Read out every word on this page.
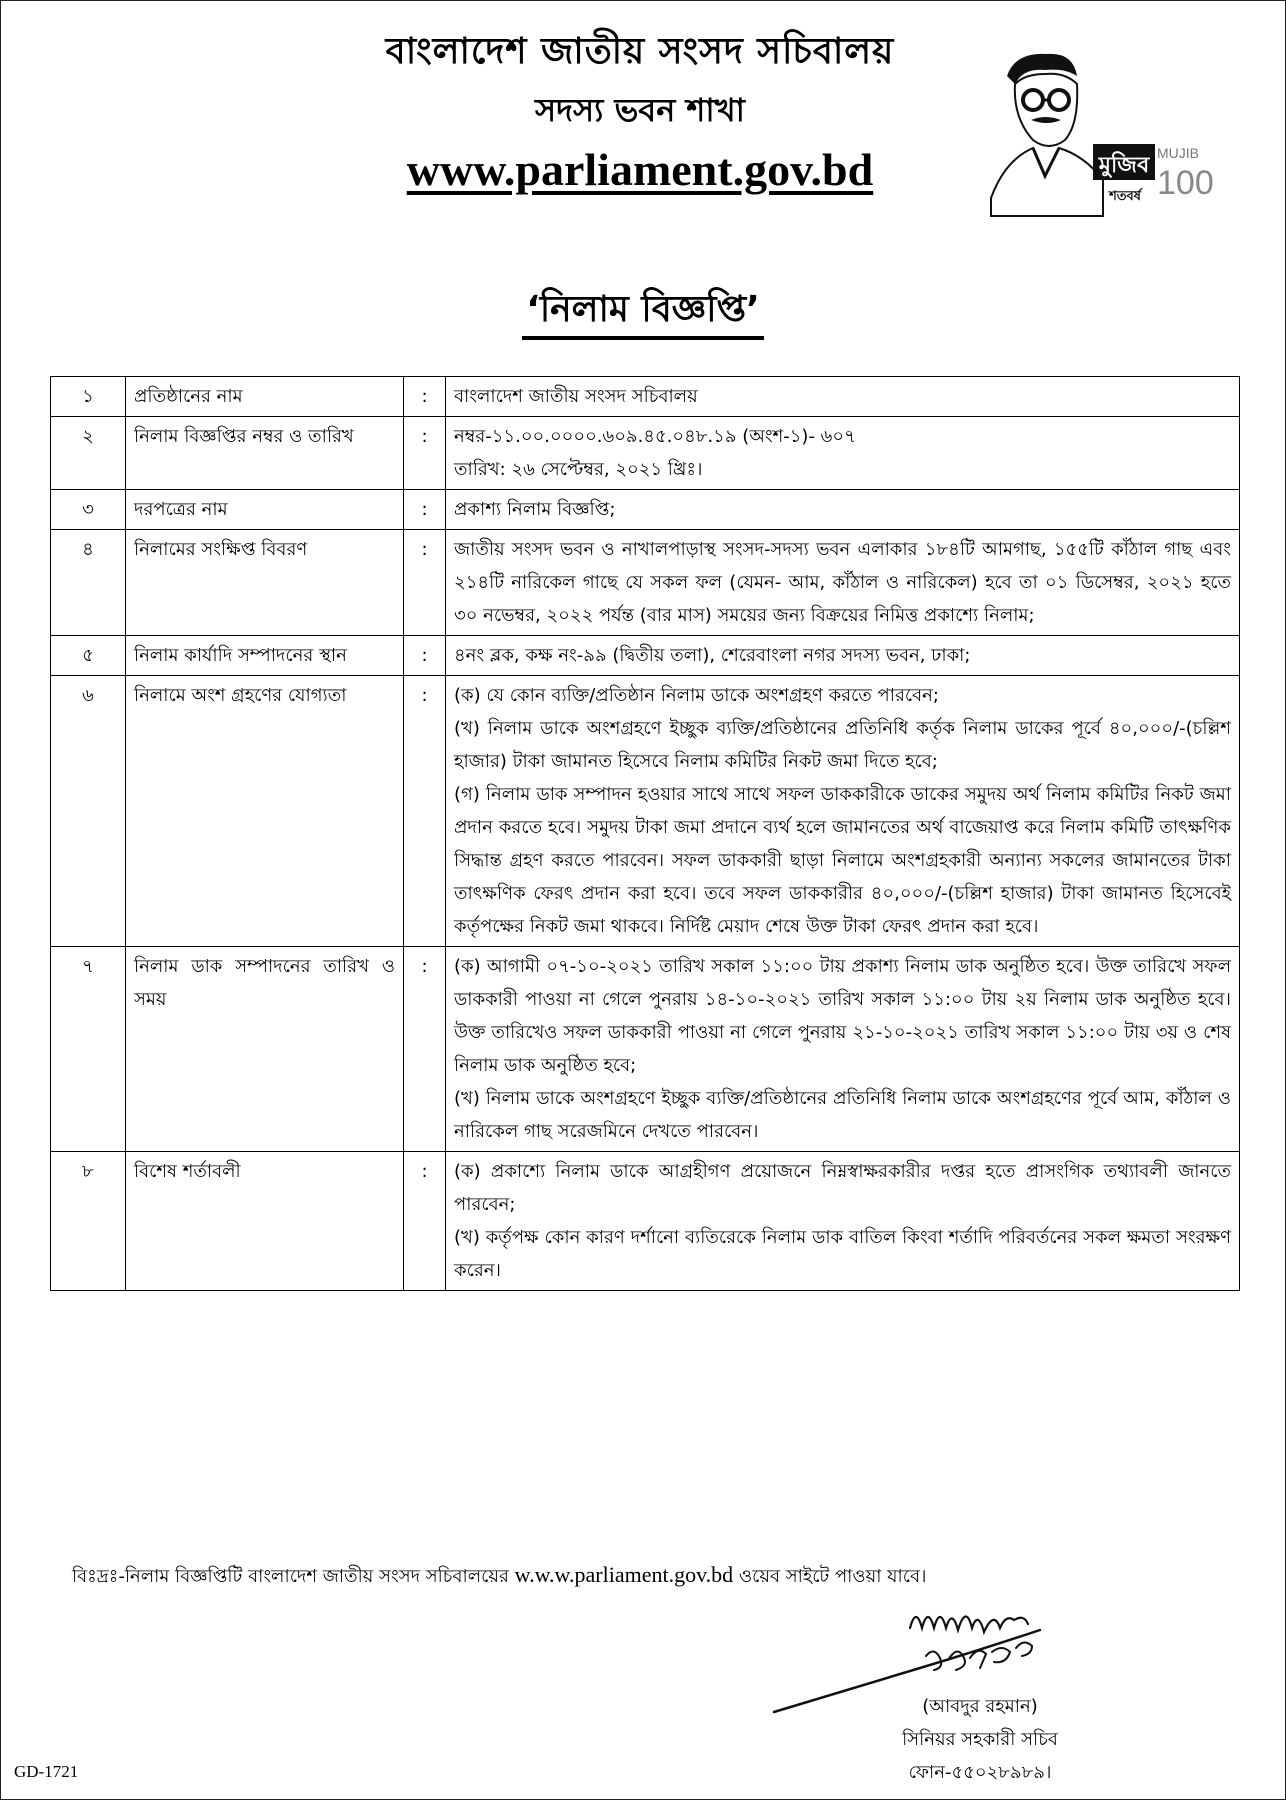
বাংলাদেশ জাতীয় সংসদ সচিবালয়
সদস্য ভবন শাখা
www.parliament.gov.bd	মুজিব
শতবর্ষ
MUJIB
100
‘নিলাম বিজ্ঞপ্তি’
১	প্রতিষ্ঠানের নাম	:	বাংলাদেশ জাতীয় সংসদ সচিবালয়

২	নিলাম বিজ্ঞপ্তির নম্বর ও তারিখ	:	নম্বর-১১.০০.০০০০.৬০৯.৪৫.০৪৮.১৯ (অংশ-১)- ৬০৭
তারিখ: ২৬ সেপ্টেম্বর, ২০২১ খ্রিঃ।

৩	দরপত্রের নাম	:	প্রকাশ্য নিলাম বিজ্ঞপ্তি;

৪	নিলামের সংক্ষিপ্ত বিবরণ	:	জাতীয় সংসদ ভবন ও নাখালপাড়াস্থ সংসদ-সদস্য ভবন এলাকার ১৮৪টি আমগাছ, ১৫৫টি কাঁঠাল গাছ এবং ২১৪টি নারিকেল গাছে যে সকল ফল (যেমন- আম, কাঁঠাল ও নারিকেল) হবে তা ০১ ডিসেম্বর, ২০২১ হতে ৩০ নভেম্বর, ২০২২ পর্যন্ত (বার মাস) সময়ের জন্য বিক্রয়ের নিমিত্ত প্রকাশ্যে নিলাম;

৫	নিলাম কার্যাদি সম্পাদনের স্থান	:	৪নং ব্লক, কক্ষ নং-৯৯ (দ্বিতীয় তলা), শেরেবাংলা নগর সদস্য ভবন, ঢাকা;

৬	নিলামে অংশ গ্রহণের যোগ্যতা	:	(ক) যে কোন ব্যক্তি/প্রতিষ্ঠান নিলাম ডাকে অংশগ্রহণ করতে পারবেন;
(খ) নিলাম ডাকে অংশগ্রহণে ইচ্ছুক ব্যক্তি/প্রতিষ্ঠানের প্রতিনিধি কর্তৃক নিলাম ডাকের পূর্বে ৪০,০০০/-(চল্লিশ হাজার) টাকা জামানত হিসেবে নিলাম কমিটির নিকট জমা দিতে হবে;
(গ) নিলাম ডাক সম্পাদন হওয়ার সাথে সাথে সফল ডাককারীকে ডাকের সমুদয় অর্থ নিলাম কমিটির নিকট জমা প্রদান করতে হবে। সমুদয় টাকা জমা প্রদানে ব্যর্থ হলে জামানতের অর্থ বাজেয়াপ্ত করে নিলাম কমিটি তাৎক্ষণিক সিদ্ধান্ত গ্রহণ করতে পারবেন। সফল ডাককারী ছাড়া নিলামে অংশগ্রহকারী অন্যান্য সকলের জামানতের টাকা তাৎক্ষণিক ফেরৎ প্রদান করা হবে। তবে সফল ডাককারীর ৪০,০০০/-(চল্লিশ হাজার) টাকা জামানত হিসেবেই কর্তৃপক্ষের নিকট জমা থাকবে। নির্দিষ্ট মেয়াদ শেষে উক্ত টাকা ফেরৎ প্রদান করা হবে।

৭	নিলাম ডাক সম্পাদনের তারিখ ও সময়	:	(ক) আগামী ০৭-১০-২০২১ তারিখ সকাল ১১:০০ টায় প্রকাশ্য নিলাম ডাক অনুষ্ঠিত হবে। উক্ত তারিখে সফল ডাককারী পাওয়া না গেলে পুনরায় ১৪-১০-২০২১ তারিখ সকাল ১১:০০ টায় ২য় নিলাম ডাক অনুষ্ঠিত হবে। উক্ত তারিখেও সফল ডাককারী পাওয়া না গেলে পুনরায় ২১-১০-২০২১ তারিখ সকাল ১১:০০ টায় ৩য় ও শেষ নিলাম ডাক অনুষ্ঠিত হবে;
(খ) নিলাম ডাকে অংশগ্রহণে ইচ্ছুক ব্যক্তি/প্রতিষ্ঠানের প্রতিনিধি নিলাম ডাকে অংশগ্রহণের পূর্বে আম, কাঁঠাল ও নারিকেল গাছ সরেজমিনে দেখতে পারবেন।

৮	বিশেষ শর্তাবলী	:	(ক) প্রকাশ্যে নিলাম ডাকে আগ্রহীগণ প্রয়োজনে নিম্নস্বাক্ষরকারীর দপ্তর হতে প্রাসংগিক তথ্যাবলী জানতে পারবেন;
(খ) কর্তৃপক্ষ কোন কারণ দর্শানো ব্যতিরেকে নিলাম ডাক বাতিল কিংবা শর্তাদি পরিবর্তনের সকল ক্ষমতা সংরক্ষণ করেন।
বিঃদ্রঃ-নিলাম বিজ্ঞপ্তিটি বাংলাদেশ জাতীয় সংসদ সচিবালয়ের w.w.w.parliament.gov.bd ওয়েব সাইটে পাওয়া যাবে।
(আবদুর রহমান)
সিনিয়র সহকারী সচিব
ফোন-৫৫০২৮৯৮৯।
GD-1721
